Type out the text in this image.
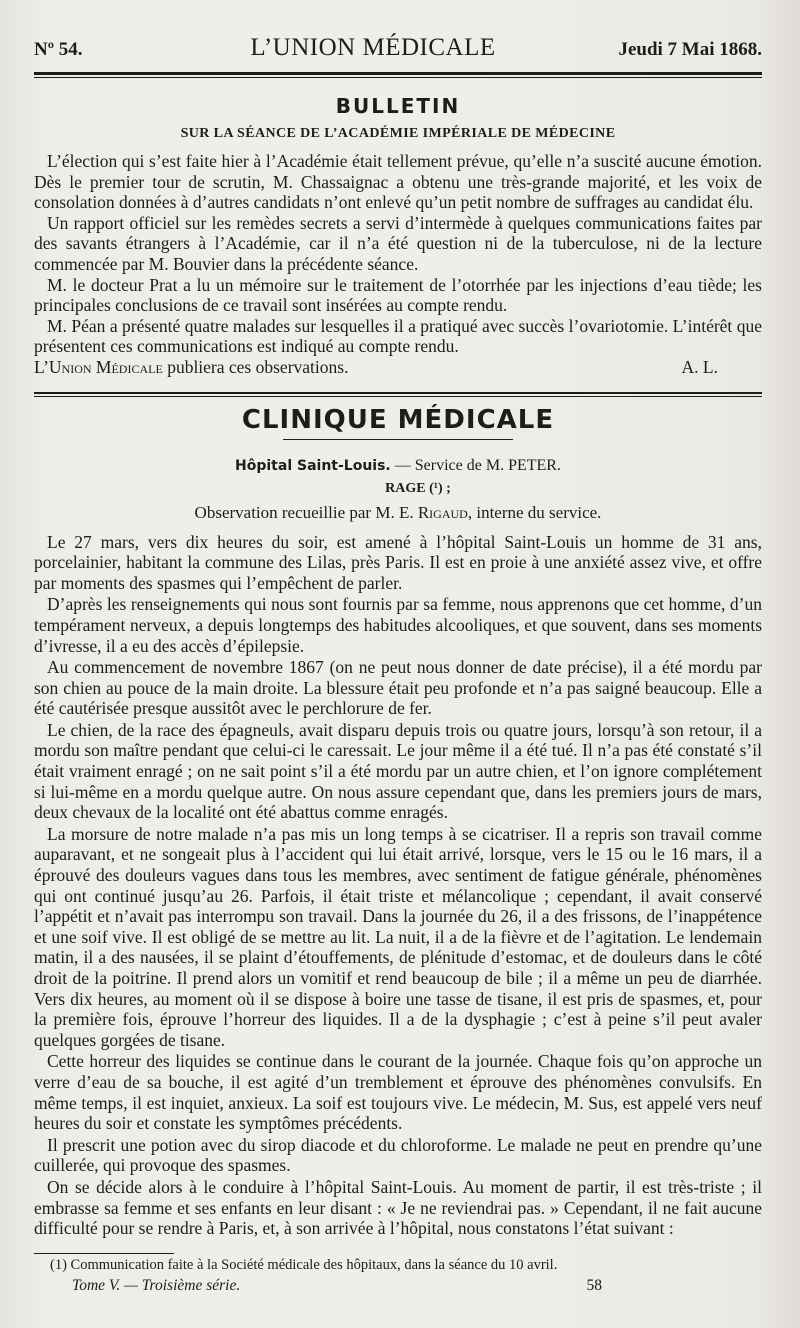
Nº 54.	L’UNION MÉDICALE	Jeudi 7 Mai 1868.
BULLETIN
SUR LA SÉANCE DE L’ACADÉMIE IMPÉRIALE DE MÉDECINE

L’élection qui s’est faite hier à l’Académie était tellement prévue, qu’elle n’a suscité aucune émotion. Dès le premier tour de scrutin, M. Chassaignac a obtenu une très-grande majorité, et les voix de consolation données à d’autres candidats n’ont enlevé qu’un petit nombre de suffrages au candidat élu.

Un rapport officiel sur les remèdes secrets a servi d’intermède à quelques communications faites par des savants étrangers à l’Académie, car il n’a été question ni de la tuberculose, ni de la lecture commencée par M. Bouvier dans la précédente séance.

M. le docteur Prat a lu un mémoire sur le traitement de l’otorrhée par les injections d’eau tiède; les principales conclusions de ce travail sont insérées au compte rendu.

M. Péan a présenté quatre malades sur lesquelles il a pratiqué avec succès l’ovariotomie. L’intérêt que présentent ces communications est indiqué au compte rendu.

L’Union Médicale publiera ces observations.	A. L.

CLINIQUE MÉDICALE
Hôpital Saint-Louis. — Service de M. PETER.
RAGE (¹) ;
Observation recueillie par M. E. Rigaud, interne du service.

Le 27 mars, vers dix heures du soir, est amené à l’hôpital Saint-Louis un homme de 31 ans, porcelainier, habitant la commune des Lilas, près Paris. Il est en proie à une anxiété assez vive, et offre par moments des spasmes qui l’empêchent de parler.

D’après les renseignements qui nous sont fournis par sa femme, nous apprenons que cet homme, d’un tempérament nerveux, a depuis longtemps des habitudes alcooliques, et que souvent, dans ses moments d’ivresse, il a eu des accès d’épilepsie.

Au commencement de novembre 1867 (on ne peut nous donner de date précise), il a été mordu par son chien au pouce de la main droite. La blessure était peu profonde et n’a pas saigné beaucoup. Elle a été cautérisée presque aussitôt avec le perchlorure de fer.

Le chien, de la race des épagneuls, avait disparu depuis trois ou quatre jours, lorsqu’à son retour, il a mordu son maître pendant que celui-ci le caressait. Le jour même il a été tué. Il n’a pas été constaté s’il était vraiment enragé ; on ne sait point s’il a été mordu par un autre chien, et l’on ignore complétement si lui-même en a mordu quelque autre. On nous assure cependant que, dans les premiers jours de mars, deux chevaux de la localité ont été abattus comme enragés.

La morsure de notre malade n’a pas mis un long temps à se cicatriser. Il a repris son travail comme auparavant, et ne songeait plus à l’accident qui lui était arrivé, lorsque, vers le 15 ou le 16 mars, il a éprouvé des douleurs vagues dans tous les membres, avec sentiment de fatigue générale, phénomènes qui ont continué jusqu’au 26. Parfois, il était triste et mélancolique ; cependant, il avait conservé l’appétit et n’avait pas interrompu son travail. Dans la journée du 26, il a des frissons, de l’inappétence et une soif vive. Il est obligé de se mettre au lit. La nuit, il a de la fièvre et de l’agitation. Le lendemain matin, il a des nausées, il se plaint d’étouffements, de plénitude d’estomac, et de douleurs dans le côté droit de la poitrine. Il prend alors un vomitif et rend beaucoup de bile ; il a même un peu de diarrhée. Vers dix heures, au moment où il se dispose à boire une tasse de tisane, il est pris de spasmes, et, pour la première fois, éprouve l’horreur des liquides. Il a de la dysphagie ; c’est à peine s’il peut avaler quelques gorgées de tisane.

Cette horreur des liquides se continue dans le courant de la journée. Chaque fois qu’on approche un verre d’eau de sa bouche, il est agité d’un tremblement et éprouve des phénomènes convulsifs. En même temps, il est inquiet, anxieux. La soif est toujours vive. Le médecin, M. Sus, est appelé vers neuf heures du soir et constate les symptômes précédents.

Il prescrit une potion avec du sirop diacode et du chloroforme. Le malade ne peut en prendre qu’une cuillerée, qui provoque des spasmes.

On se décide alors à le conduire à l’hôpital Saint-Louis. Au moment de partir, il est très-triste ; il embrasse sa femme et ses enfants en leur disant : « Je ne reviendrai pas. » Cependant, il ne fait aucune difficulté pour se rendre à Paris, et, à son arrivée à l’hôpital, nous constatons l’état suivant :

(1) Communication faite à la Société médicale des hôpitaux, dans la séance du 10 avril.
Tome V. — Troisième série.	58
